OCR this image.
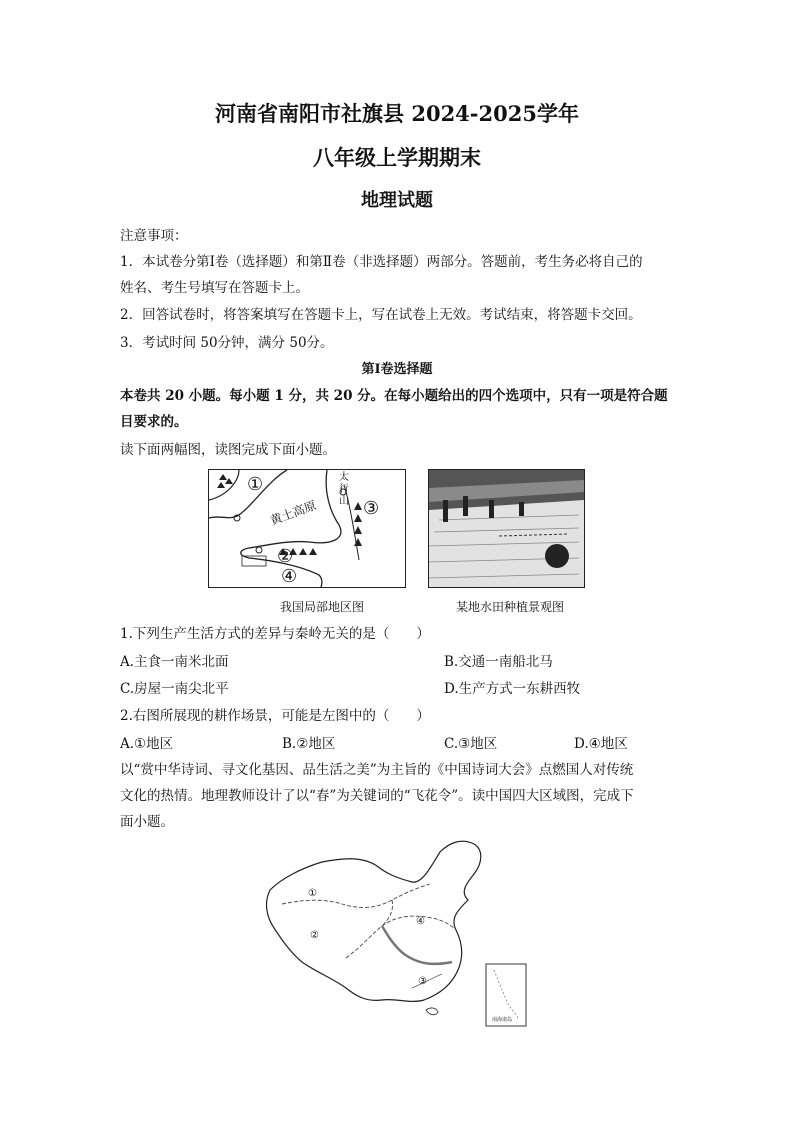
河南省南阳市社旗县 2024-2025学年
八年级上学期期末
地理试题
注意事项：
1．本试卷分第Ⅰ卷（选择题）和第Ⅱ卷（非选择题）两部分。答题前，考生务必将自己的
姓名、考生号填写在答题卡上。
2．回答试卷时，将答案填写在答题卡上，写在试卷上无效。考试结束，将答题卡交回。
3．考试时间 50分钟，满分 50分。
第Ⅰ卷选择题
本卷共 20 小题。每小题 1 分，共 20 分。在每小题给出的四个选项中，只有一项是符合题
目要求的。
读下面两幅图，读图完成下面小题。
①
②
③
④
黄土高原
太行山
我国局部地区图	某地水田种植景观图
1.下列生产生活方式的差异与秦岭无关的是（　　）
A.主食一南米北面	B.交通一南船北马
C.房屋一南尖北平	D.生产方式一东耕西牧
2.右图所展现的耕作场景，可能是左图中的（　　）
A.①地区	B.②地区	C.③地区	D.④地区
以“赏中华诗词、寻文化基因、品生活之美”为主旨的《中国诗词大会》点燃国人对传统
文化的热情。地理教师设计了以“春”为关键词的“飞花令”。读中国四大区域图，完成下
面小题。
①
②
③
④
南海诸岛
